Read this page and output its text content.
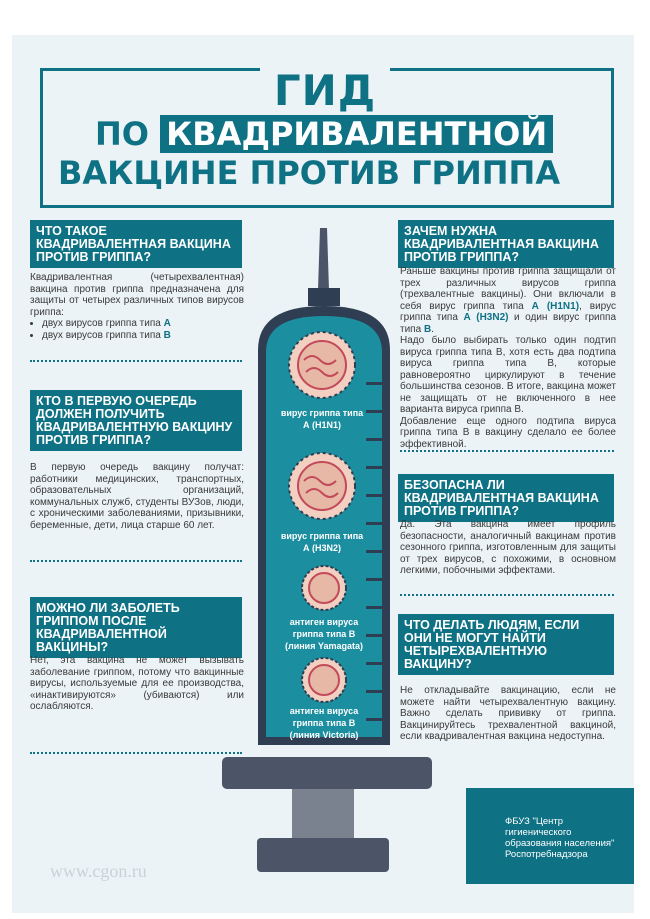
ГИД
ПО КВАДРИВАЛЕНТНОЙ
ВАКЦИНЕ ПРОТИВ ГРИППА
ЧТО ТАКОЕ КВАДРИВАЛЕНТНАЯ ВАКЦИНА ПРОТИВ ГРИППА?
Квадривалентная (четырехвалентная) вакцина против гриппа предназначена для защиты от четырех различных типов вирусов гриппа:
• двух вирусов гриппа типа А
• двух вирусов гриппа типа В
КТО В ПЕРВУЮ ОЧЕРЕДЬ ДОЛЖЕН ПОЛУЧИТЬ КВАДРИВАЛЕНТНУЮ ВАКЦИНУ ПРОТИВ ГРИППА?
В первую очередь вакцину получат: работники медицинских, транспортных, образовательных организаций, коммунальных служб, студенты ВУЗов, люди, с хроническими заболеваниями, призывники, беременные, дети, лица старше 60 лет.
МОЖНО ЛИ ЗАБОЛЕТЬ ГРИППОМ ПОСЛЕ КВАДРИВАЛЕНТНОЙ ВАКЦИНЫ?
Нет, эта вакцина не может вызывать заболевание гриппом, потому что вакцинные вирусы, используемые для ее производства, «инактивируются» (убиваются) или ослабляются.
ЗАЧЕМ НУЖНА КВАДРИВАЛЕНТНАЯ ВАКЦИНА ПРОТИВ ГРИППА?
Раньше вакцины против гриппа защищали от трех различных вирусов гриппа (трехвалентные вакцины). Они включали в себя вирус гриппа типа А (H1N1), вирус гриппа типа А (H3N2) и один вирус гриппа типа В.
Надо было выбирать только один подтип вируса гриппа типа В, хотя есть два подтипа вируса гриппа типа В, которые равновероятно циркулируют в течение большинства сезонов. В итоге, вакцина может не защищать от не включенного в нее варианта вируса гриппа В.
Добавление еще одного подтипа вируса гриппа типа В в вакцину сделало ее более эффективной.
БЕЗОПАСНА ЛИ КВАДРИВАЛЕНТНАЯ ВАКЦИНА ПРОТИВ ГРИППА?
Да. Эта вакцина имеет профиль безопасности, аналогичный вакцинам против сезонного гриппа, изготовленным для защиты от трех вирусов, с похожими, в основном легкими, побочными эффектами.
ЧТО ДЕЛАТЬ ЛЮДЯМ, ЕСЛИ ОНИ НЕ МОГУТ НАЙТИ ЧЕТЫРЕХВАЛЕНТНУЮ ВАКЦИНУ?
Не откладывайте вакцинацию, если не можете найти четырехвалентную вакцину. Важно сделать прививку от гриппа. Вакцинируйтесь трехвалентной вакциной, если квадривалентная вакцина недоступна.
вирус гриппа типа
А (H1N1)
вирус гриппа типа
А (H3N2)
антиген вируса
гриппа типа В
(линия Yamagata)
антиген вируса
гриппа типа В
(линия Victoria)
ФБУЗ "Центр
гигиенического
образования населения"
Роспотребнадзора
www.cgon.ru
